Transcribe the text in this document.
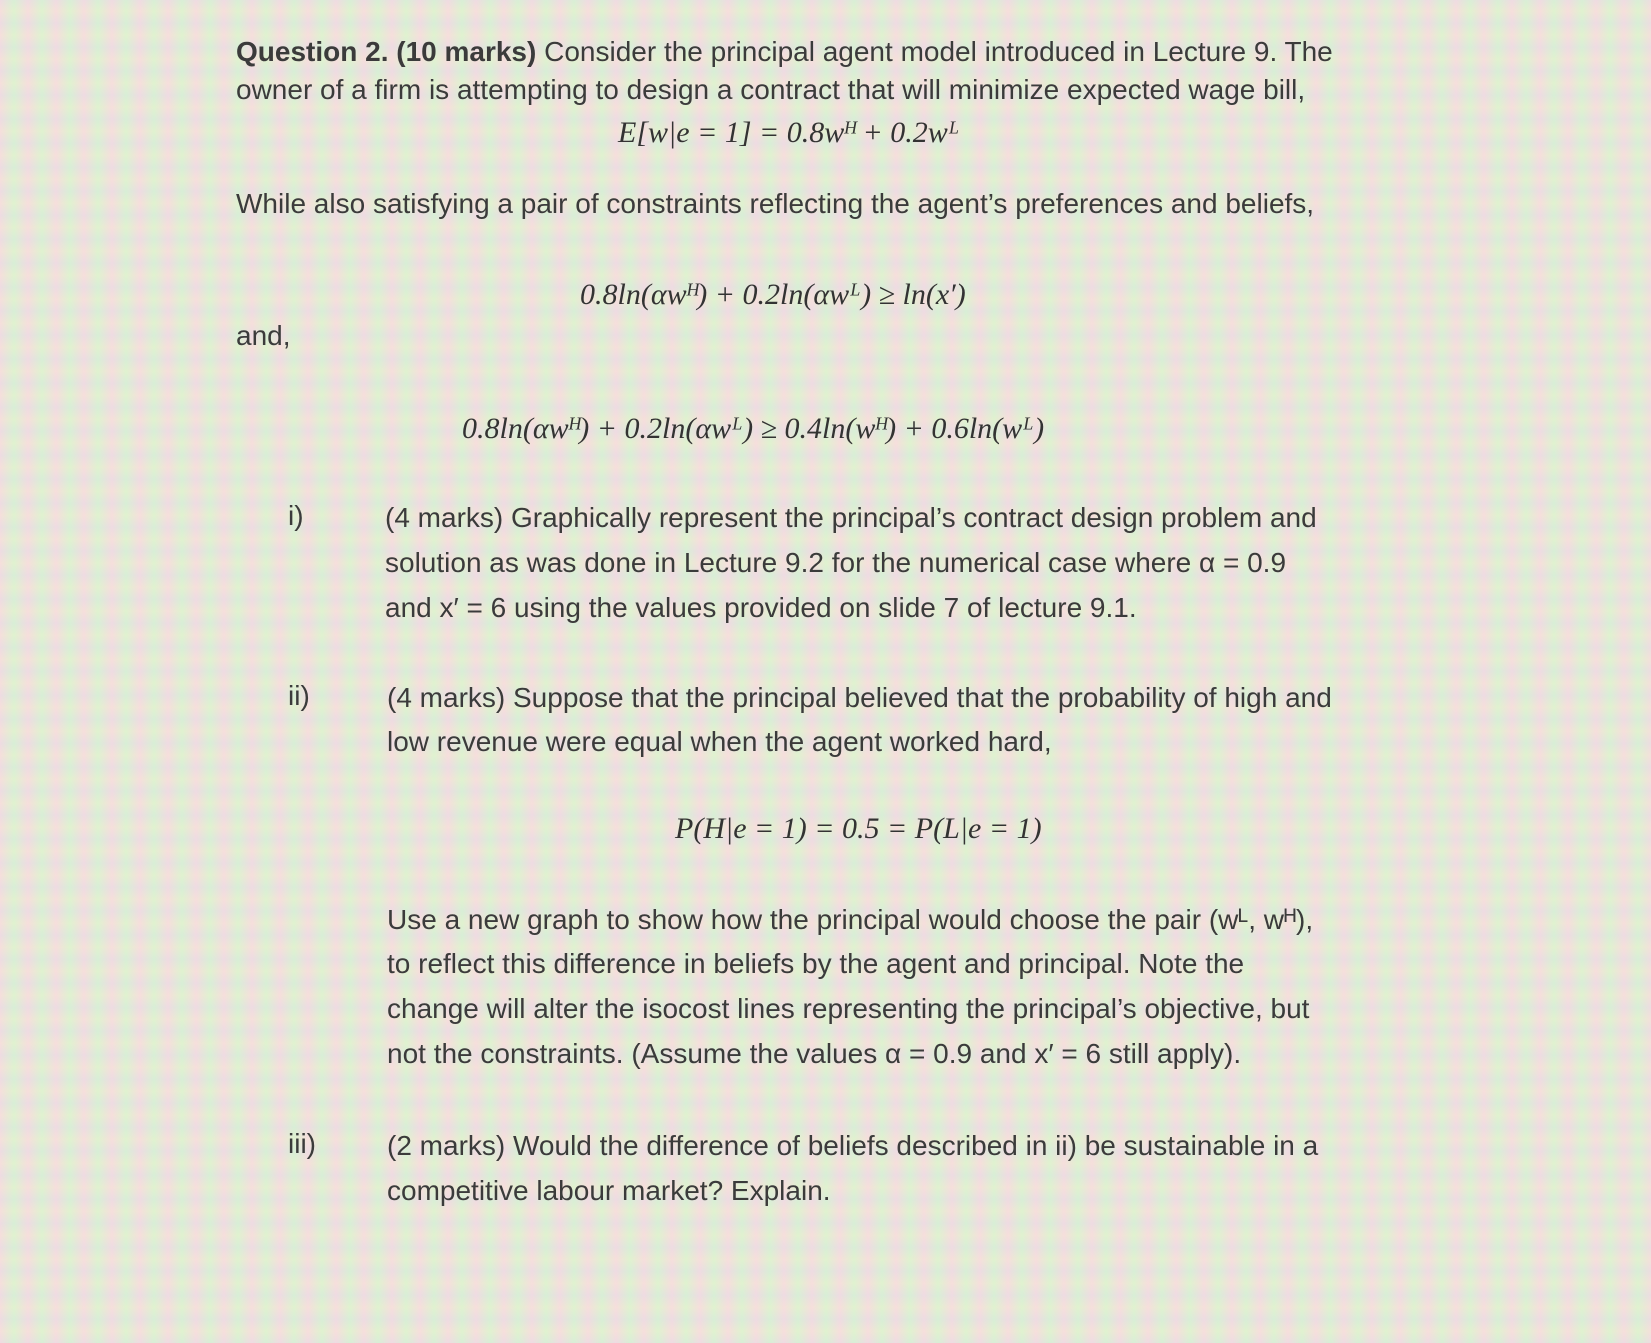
Question 2. (10 marks) Consider the principal agent model introduced in Lecture 9. The
owner of a firm is attempting to design a contract that will minimize expected wage bill,
E[w|e = 1] = 0.8wᴴ + 0.2wᴸ
While also satisfying a pair of constraints reflecting the agent’s preferences and beliefs,
0.8ln(αwᴴ) + 0.2ln(αwᴸ) ≥ ln(x′)
and,
0.8ln(αwᴴ) + 0.2ln(αwᴸ) ≥ 0.4ln(wᴴ) + 0.6ln(wᴸ)
i)	(4 marks) Graphically represent the principal’s contract design problem and
solution as was done in Lecture 9.2 for the numerical case where α = 0.9
and x′ = 6 using the values provided on slide 7 of lecture 9.1.
ii)	(4 marks) Suppose that the principal believed that the probability of high and
low revenue were equal when the agent worked hard,
P(H|e = 1) = 0.5 = P(L|e = 1)
Use a new graph to show how the principal would choose the pair (wᴸ, wᴴ),
to reflect this difference in beliefs by the agent and principal. Note the
change will alter the isocost lines representing the principal’s objective, but
not the constraints. (Assume the values α = 0.9 and x′ = 6 still apply).
iii)	(2 marks) Would the difference of beliefs described in ii) be sustainable in a
competitive labour market? Explain.
